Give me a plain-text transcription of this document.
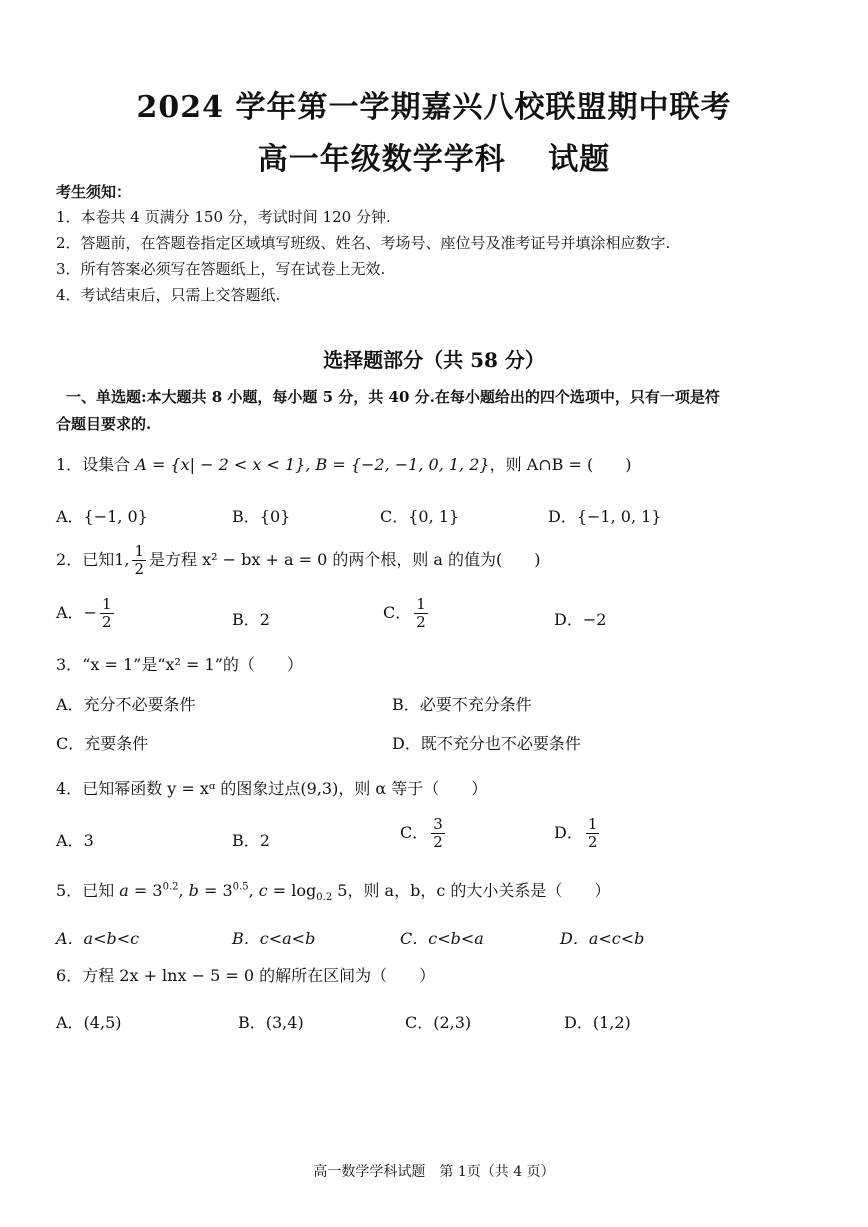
2024 学年第一学期嘉兴八校联盟期中联考
高一年级数学学科　 试题
考生须知：
1．本卷共 4 页满分 150 分，考试时间 120 分钟.
2．答题前，在答题卷指定区域填写班级、姓名、考场号、座位号及准考证号并填涂相应数字.
3．所有答案必须写在答题纸上，写在试卷上无效.
4．考试结束后，只需上交答题纸.
选择题部分（共 58 分）
一、单选题:本大题共 8 小题，每小题 5 分，共 40 分.在每小题给出的四个选项中，只有一项是符
合题目要求的.
1．设集合 A = {x| − 2 < x < 1}, B = {−2, −1, 0, 1, 2}，则 A∩B = (　　)
A．{−1, 0}	B．{0}	C．{0, 1}	D．{−1, 0, 1}
2．已知1, $\frac{1}{2}$ 是方程 x² − bx + a = 0 的两个根，则 a 的值为(　　)
A．− $\frac{1}{2}$	B．2	C． $\frac{1}{2}$	D．−2
3．“x = 1”是“x² = 1”的（　　）
A．充分不必要条件	B．必要不充分条件
C．充要条件	D．既不充分也不必要条件
4．已知幂函数 y = xᵅ 的图象过点(9,3)，则 α 等于（　　）
A．3	B．2	C． $\frac{3}{2}$	D． $\frac{1}{2}$
5．已知 $a = 3^{0.2}$, $b = 3^{0.5}$, $c = \log_{0.2} 5$，则 a，b，c 的大小关系是（　　）
A．a<b<c	B．c<a<b	C．c<b<a	D．a<c<b
6．方程 2x + lnx − 5 = 0 的解所在区间为（　　）
A．(4,5)	B．(3,4)	C．(2,3)	D．(1,2)
高一数学学科试题　第 1页（共 4 页）
